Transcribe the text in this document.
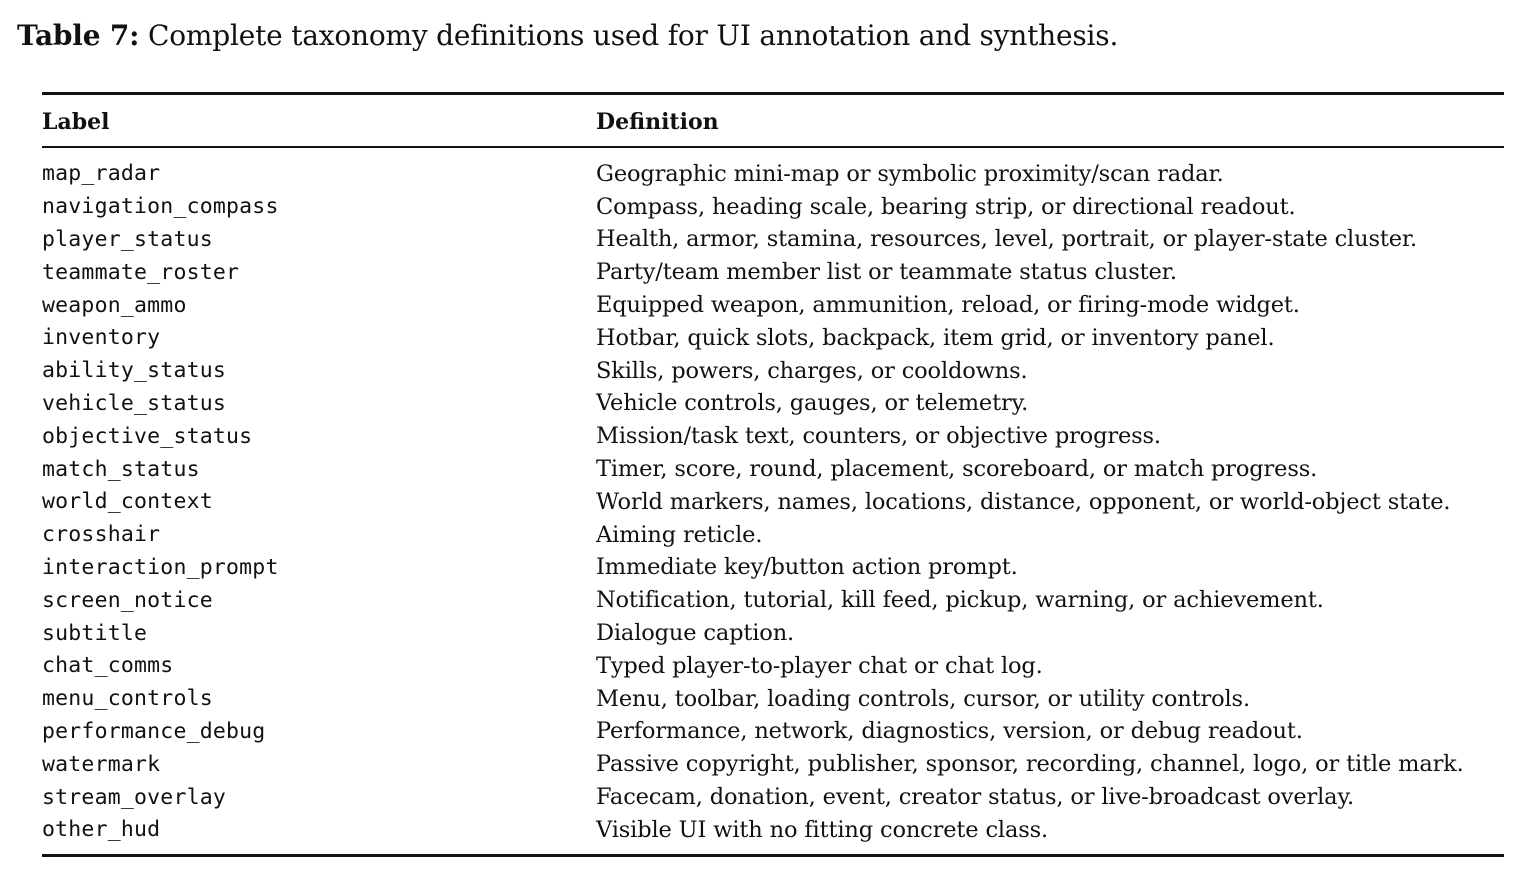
Table 7: Complete taxonomy definitions used for UI annotation and synthesis.
Label	Definition
map_radar	Geographic mini-map or symbolic proximity/scan radar.
navigation_compass	Compass, heading scale, bearing strip, or directional readout.
player_status	Health, armor, stamina, resources, level, portrait, or player-state cluster.
teammate_roster	Party/team member list or teammate status cluster.
weapon_ammo	Equipped weapon, ammunition, reload, or firing-mode widget.
inventory	Hotbar, quick slots, backpack, item grid, or inventory panel.
ability_status	Skills, powers, charges, or cooldowns.
vehicle_status	Vehicle controls, gauges, or telemetry.
objective_status	Mission/task text, counters, or objective progress.
match_status	Timer, score, round, placement, scoreboard, or match progress.
world_context	World markers, names, locations, distance, opponent, or world-object state.
crosshair	Aiming reticle.
interaction_prompt	Immediate key/button action prompt.
screen_notice	Notification, tutorial, kill feed, pickup, warning, or achievement.
subtitle	Dialogue caption.
chat_comms	Typed player-to-player chat or chat log.
menu_controls	Menu, toolbar, loading controls, cursor, or utility controls.
performance_debug	Performance, network, diagnostics, version, or debug readout.
watermark	Passive copyright, publisher, sponsor, recording, channel, logo, or title mark.
stream_overlay	Facecam, donation, event, creator status, or live-broadcast overlay.
other_hud	Visible UI with no fitting concrete class.
